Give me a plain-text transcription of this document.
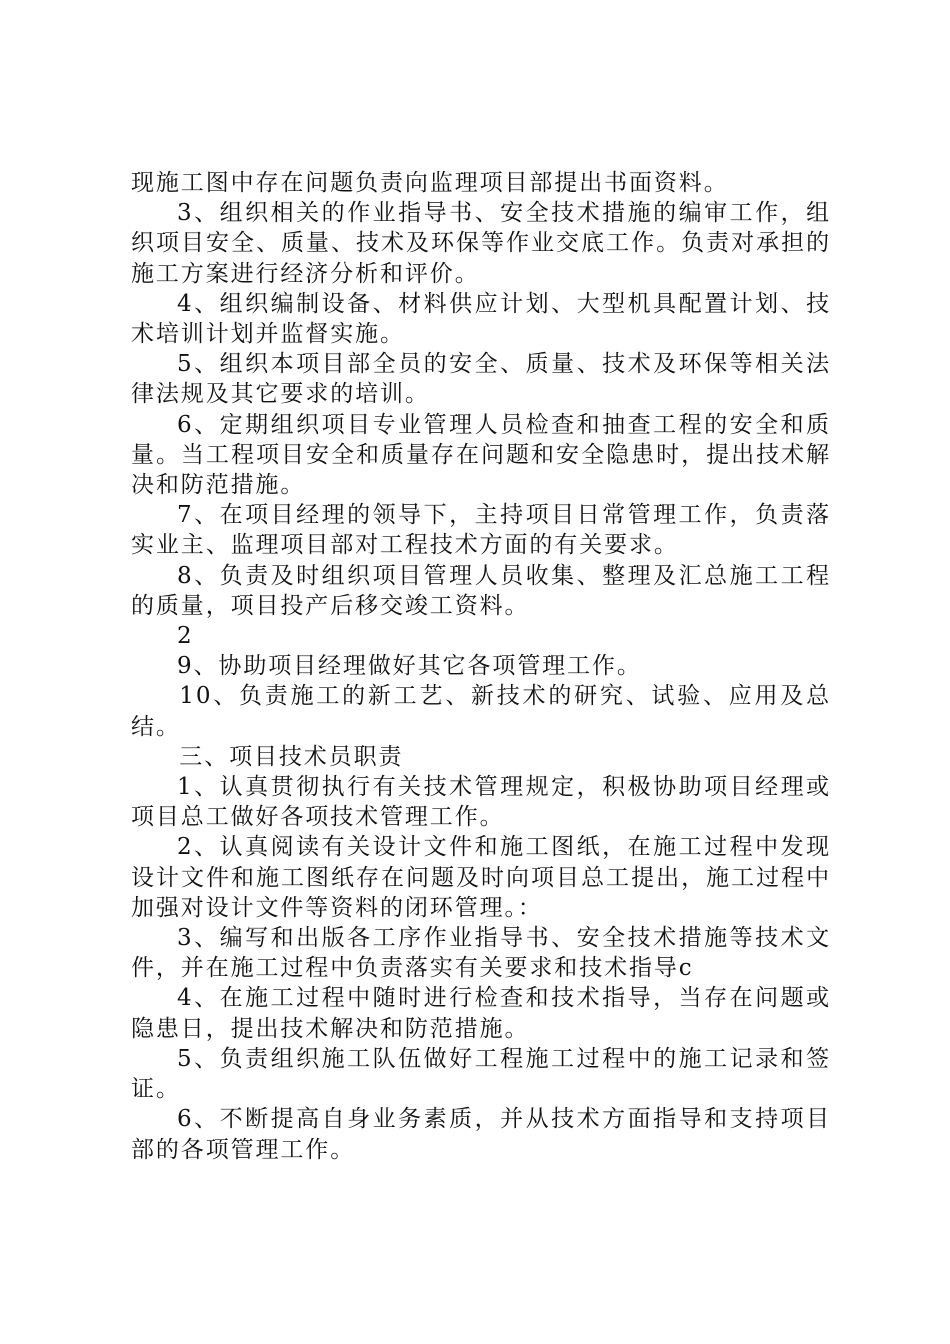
现施工图中存在问题负责向监理项目部提出书面资料。

3、组织相关的作业指导书、安全技术措施的编审工作，组织项目安全、质量、技术及环保等作业交底工作。负责对承担的施工方案进行经济分析和评价。

4、组织编制设备、材料供应计划、大型机具配置计划、技术培训计划并监督实施。

5、组织本项目部全员的安全、质量、技术及环保等相关法律法规及其它要求的培训。

6、定期组织项目专业管理人员检查和抽查工程的安全和质量。当工程项目安全和质量存在问题和安全隐患时，提出技术解决和防范措施。

7、在项目经理的领导下，主持项目日常管理工作，负责落实业主、监理项目部对工程技术方面的有关要求。

8、负责及时组织项目管理人员收集、整理及汇总施工工程的质量，项目投产后移交竣工资料。

2

9、协助项目经理做好其它各项管理工作。

10、负责施工的新工艺、新技术的研究、试验、应用及总结。

三、项目技术员职责

1、认真贯彻执行有关技术管理规定，积极协助项目经理或项目总工做好各项技术管理工作。

2、认真阅读有关设计文件和施工图纸，在施工过程中发现设计文件和施工图纸存在问题及时向项目总工提出，施工过程中加强对设计文件等资料的闭环管理。：

3、编写和出版各工序作业指导书、安全技术措施等技术文件，并在施工过程中负责落实有关要求和技术指导c

4、在施工过程中随时进行检查和技术指导，当存在问题或隐患日，提出技术解决和防范措施。

5、负责组织施工队伍做好工程施工过程中的施工记录和签证。

6、不断提高自身业务素质，并从技术方面指导和支持项目部的各项管理工作。
